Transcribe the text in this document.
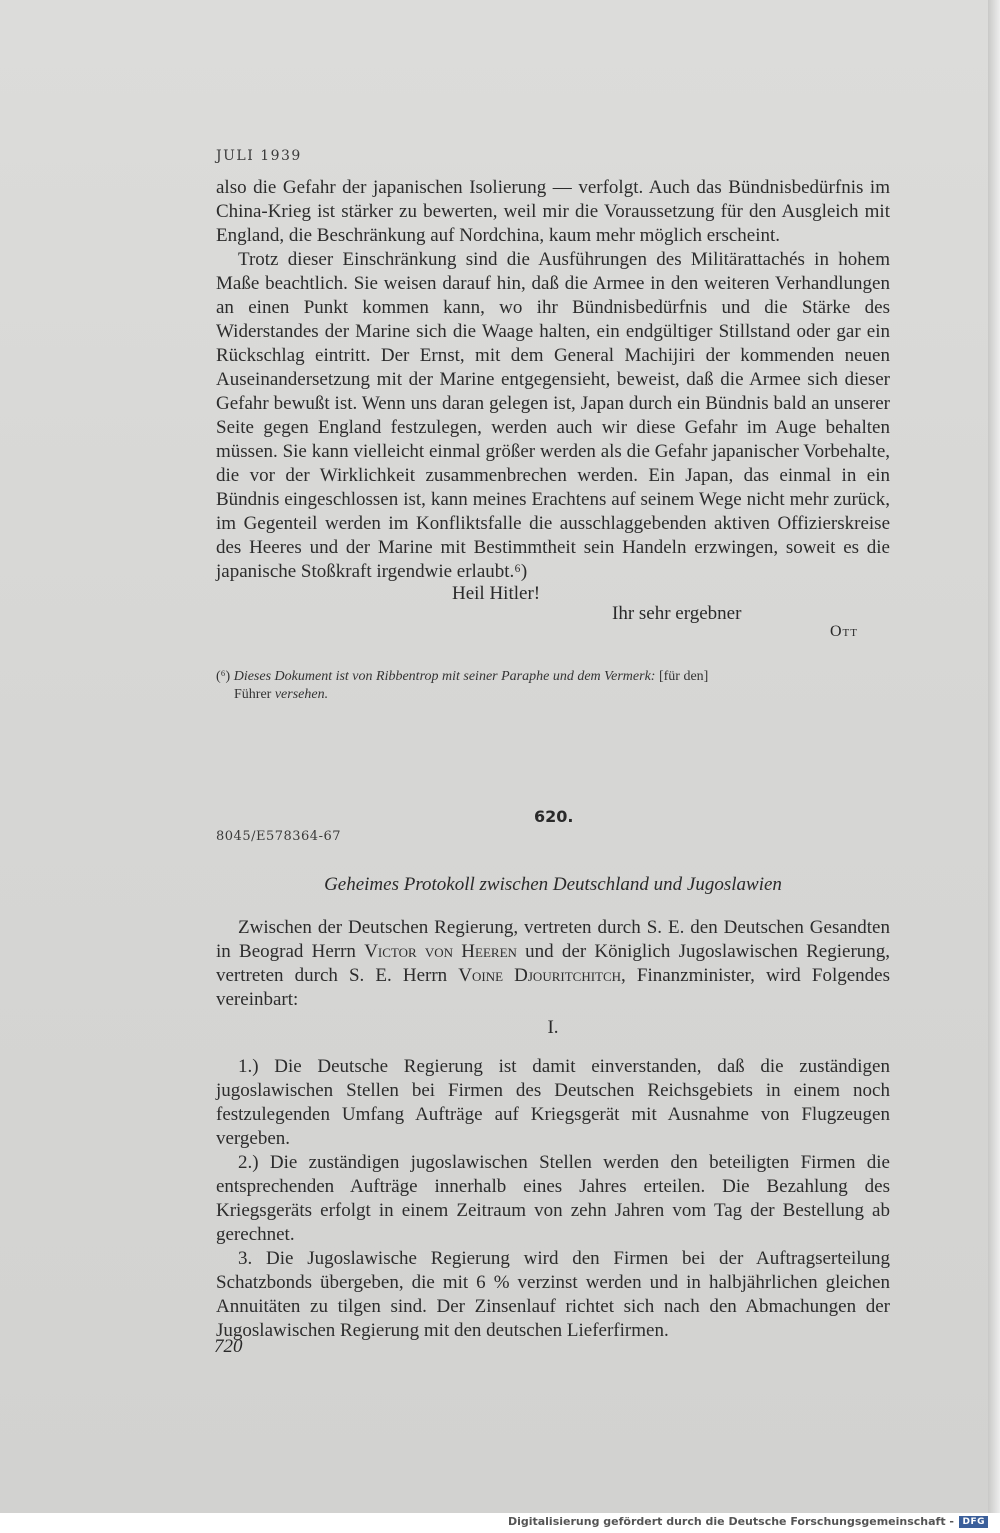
JULI 1939

also die Gefahr der japanischen Isolierung — verfolgt. Auch das Bündnisbedürfnis im China-Krieg ist stärker zu bewerten, weil mir die Voraussetzung für den Ausgleich mit England, die Beschränkung auf Nordchina, kaum mehr möglich erscheint.

Trotz dieser Einschränkung sind die Ausführungen des Militärattachés in hohem Maße beachtlich. Sie weisen darauf hin, daß die Armee in den weiteren Verhandlungen an einen Punkt kommen kann, wo ihr Bündnisbedürfnis und die Stärke des Widerstandes der Marine sich die Waage halten, ein endgültiger Stillstand oder gar ein Rückschlag eintritt. Der Ernst, mit dem General Machijiri der kommenden neuen Auseinandersetzung mit der Marine entgegensieht, beweist, daß die Armee sich dieser Gefahr bewußt ist. Wenn uns daran gelegen ist, Japan durch ein Bündnis bald an unserer Seite gegen England festzulegen, werden auch wir diese Gefahr im Auge behalten müssen. Sie kann vielleicht einmal größer werden als die Gefahr japanischer Vorbehalte, die vor der Wirklichkeit zusammenbrechen werden. Ein Japan, das einmal in ein Bündnis eingeschlossen ist, kann meines Erachtens auf seinem Wege nicht mehr zurück, im Gegenteil werden im Konfliktsfalle die ausschlaggebenden aktiven Offizierskreise des Heeres und der Marine mit Bestimmtheit sein Handeln erzwingen, soweit es die japanische Stoßkraft irgendwie erlaubt.⁶)

Heil Hitler!
Ihr sehr ergebner
Ott
(⁶) Dieses Dokument ist von Ribbentrop mit seiner Paraphe und dem Vermerk: [für den]
Führer versehen.
620.
8045/E578364-67
Geheimes Protokoll zwischen Deutschland und Jugoslawien

Zwischen der Deutschen Regierung, vertreten durch S. E. den Deutschen Gesandten in Beograd Herrn Victor von Heeren und der Königlich Jugoslawischen Regierung, vertreten durch S. E. Herrn Voine Djouritchitch, Finanzminister, wird Folgendes vereinbart:

I.

1.) Die Deutsche Regierung ist damit einverstanden, daß die zuständigen jugoslawischen Stellen bei Firmen des Deutschen Reichsgebiets in einem noch festzulegenden Umfang Aufträge auf Kriegsgerät mit Ausnahme von Flugzeugen vergeben.

2.) Die zuständigen jugoslawischen Stellen werden den beteiligten Firmen die entsprechenden Aufträge innerhalb eines Jahres erteilen. Die Bezahlung des Kriegsgeräts erfolgt in einem Zeitraum von zehn Jahren vom Tag der Bestellung ab gerechnet.

3. Die Jugoslawische Regierung wird den Firmen bei der Auftragserteilung Schatzbonds übergeben, die mit 6 % verzinst werden und in halbjährlichen gleichen Annuitäten zu tilgen sind. Der Zinsenlauf richtet sich nach den Abmachungen der Jugoslawischen Regierung mit den deutschen Lieferfirmen.

720
Digitalisierung gefördert durch die Deutsche Forschungsgemeinschaft - DFG
